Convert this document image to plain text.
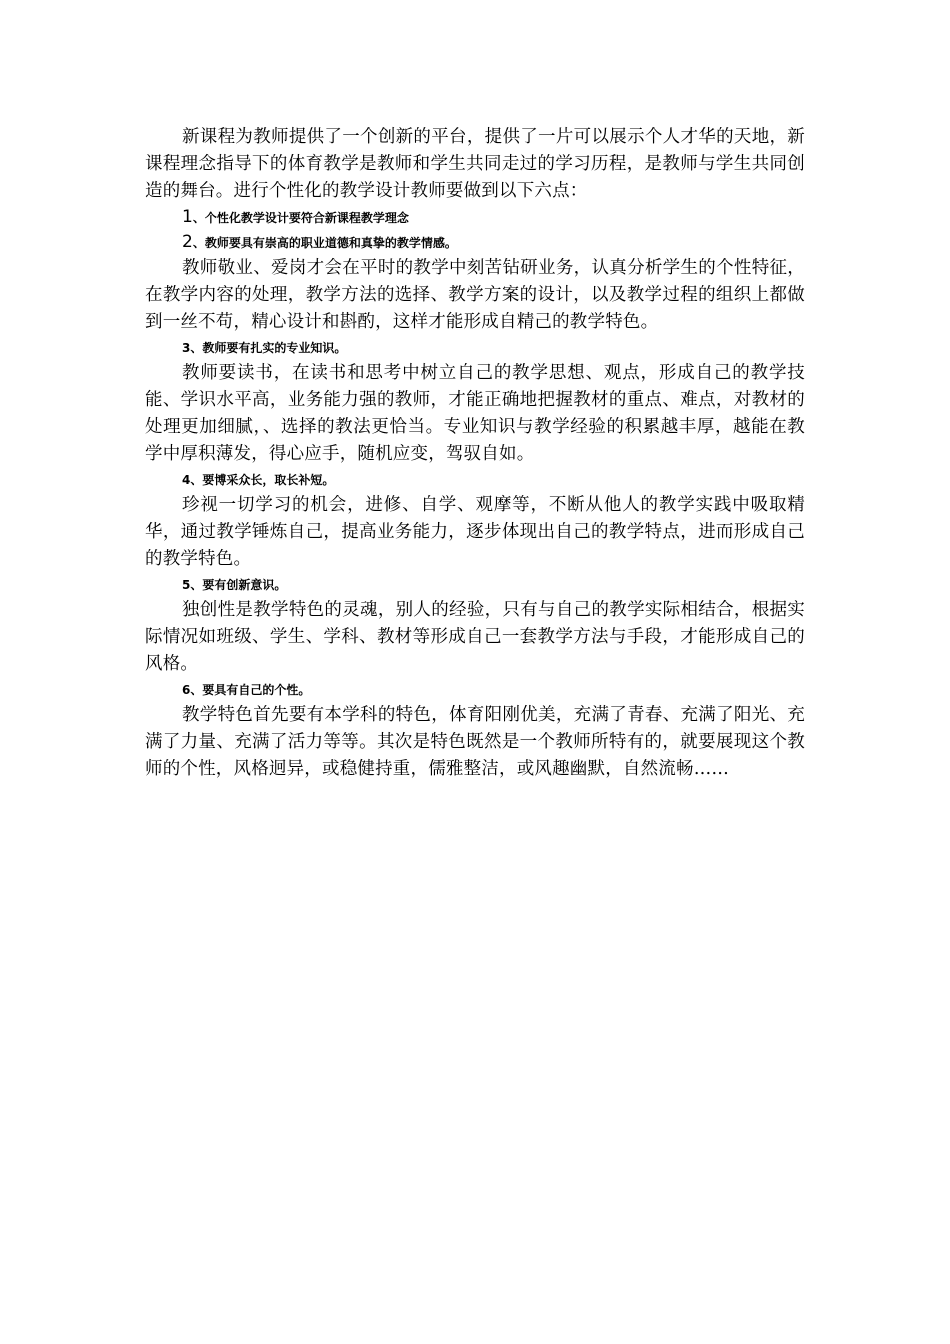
新课程为教师提供了一个创新的平台，提供了一片可以展示个人才华的天地，新课程理念指导下的体育教学是教师和学生共同走过的学习历程，是教师与学生共同创造的舞台。进行个性化的教学设计教师要做到以下六点：

1、个性化教学设计要符合新课程教学理念

2、教师要具有崇高的职业道德和真挚的教学情感。

教师敬业、爱岗才会在平时的教学中刻苦钻研业务，认真分析学生的个性特征，在教学内容的处理，教学方法的选择、教学方案的设计，以及教学过程的组织上都做到一丝不苟，精心设计和斟酌，这样才能形成自精己的教学特色。

3、教师要有扎实的专业知识。

教师要读书，在读书和思考中树立自己的教学思想、观点，形成自己的教学技能、学识水平高，业务能力强的教师，才能正确地把握教材的重点、难点，对教材的处理更加细腻，、选择的教法更恰当。专业知识与教学经验的积累越丰厚，越能在教学中厚积薄发，得心应手，随机应变，驾驭自如。

4、要博采众长，取长补短。

珍视一切学习的机会，进修、自学、观摩等，不断从他人的教学实践中吸取精华，通过教学锤炼自己，提高业务能力，逐步体现出自己的教学特点，进而形成自己的教学特色。

5、要有创新意识。

独创性是教学特色的灵魂，别人的经验，只有与自己的教学实际相结合，根据实际情况如班级、学生、学科、教材等形成自己一套教学方法与手段，才能形成自己的风格。

6、要具有自己的个性。

教学特色首先要有本学科的特色，体育阳刚优美，充满了青春、充满了阳光、充满了力量、充满了活力等等。其次是特色既然是一个教师所特有的，就要展现这个教师的个性，风格迥异，或稳健持重，儒雅整洁，或风趣幽默，自然流畅……
